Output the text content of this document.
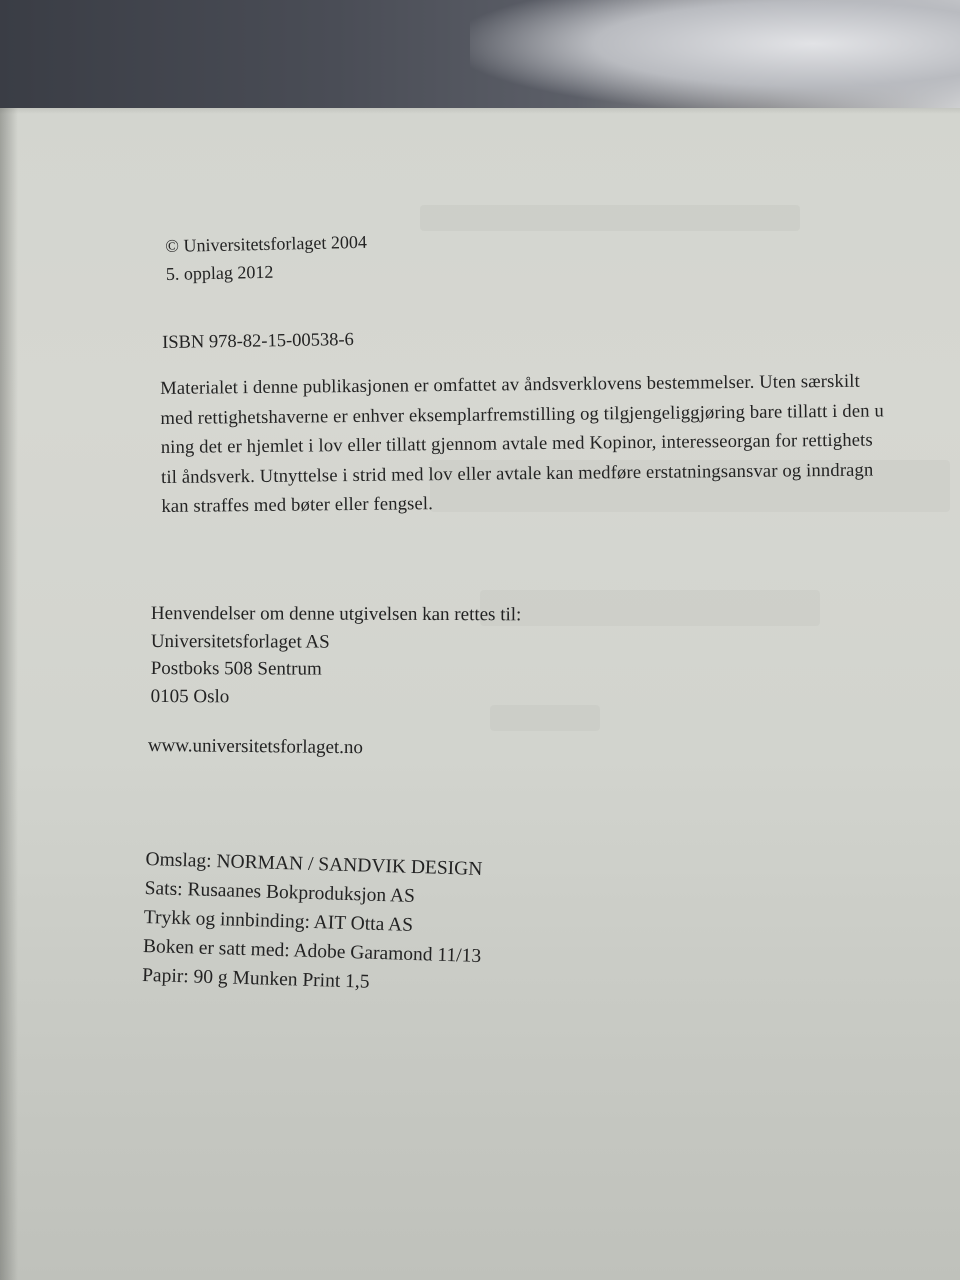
© Universitetsforlaget 2004
5. opplag 2012
ISBN 978-82-15-00538-6
Materialet i denne publikasjonen er omfattet av åndsverklovens bestemmelser. Uten særskilt
med rettighetshaverne er enhver eksemplarfremstilling og tilgjengeliggjøring bare tillatt i den u
ning det er hjemlet i lov eller tillatt gjennom avtale med Kopinor, interesseorgan for rettighets
til åndsverk. Utnyttelse i strid med lov eller avtale kan medføre erstatningsansvar og inndragn
kan straffes med bøter eller fengsel.
Henvendelser om denne utgivelsen kan rettes til:
Universitetsforlaget AS
Postboks 508 Sentrum
0105 Oslo
www.universitetsforlaget.no
Omslag: NORMAN / SANDVIK DESIGN
Sats: Rusaanes Bokproduksjon AS
Trykk og innbinding: AIT Otta AS
Boken er satt med: Adobe Garamond 11/13
Papir: 90 g Munken Print 1,5
